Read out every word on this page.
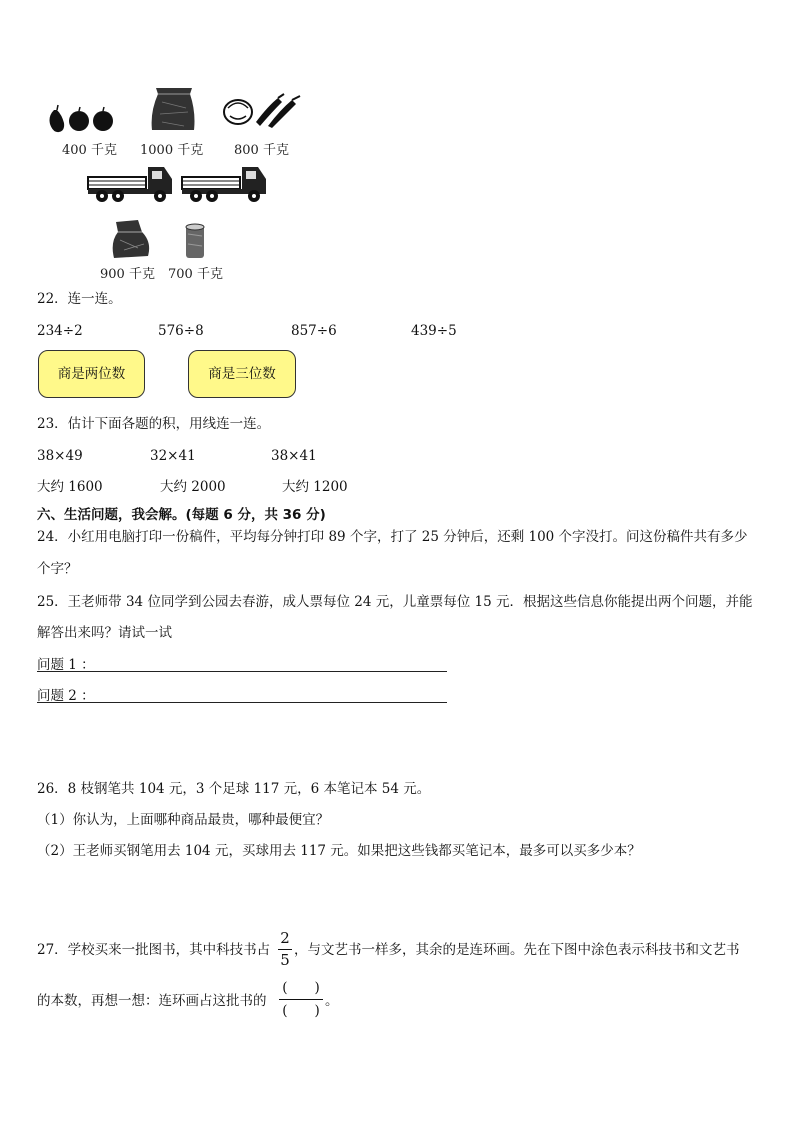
400 千克 1000 千克 800 千克
900 千克 700 千克
22．连一连。
234÷2	576÷8	857÷6	439÷5
商是两位数	商是三位数
23．估计下面各题的积，用线连一连。
38×49	32×41	38×41
大约 1600	大约 2000	大约 1200
六、生活问题，我会解。(每题 6 分，共 36 分)
24．小红用电脑打印一份稿件，平均每分钟打印 89 个字，打了 25 分钟后，还剩 100 个字没打。问这份稿件共有多少
个字？
25．王老师带 34 位同学到公园去春游，成人票每位 24 元，儿童票每位 15 元．根据这些信息你能提出两个问题，并能
解答出来吗？请试一试
问题 1 ：
问题 2 ：
26．8 枝钢笔共 104 元，3 个足球 117 元，6 本笔记本 54 元。
（1）你认为，上面哪种商品最贵，哪种最便宜？
（2）王老师买钢笔用去 104 元，买球用去 117 元。如果把这些钱都买笔记本，最多可以买多少本？
27．学校买来一批图书，其中科技书占
2
5
，与文艺书一样多，其余的是连环画。先在下图中涂色表示科技书和文艺书
的本数，再想一想：连环画占这批书的
(　　)
(　　)
。
